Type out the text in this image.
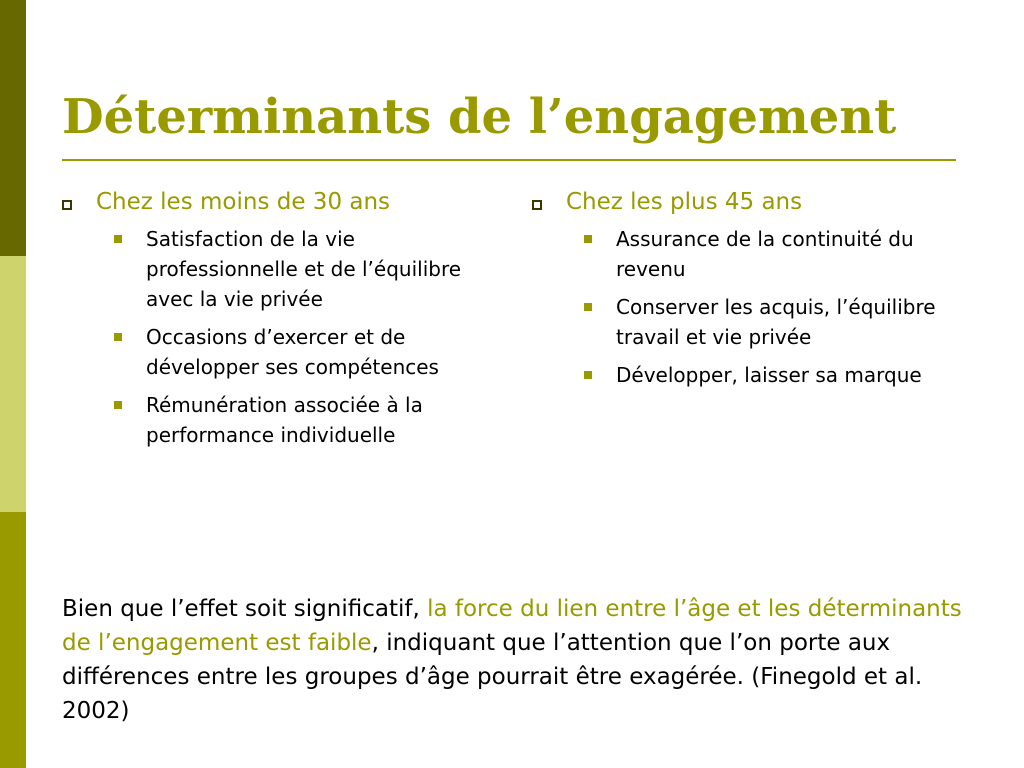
Déterminants de l’engagement
Chez les moins de 30 ans
Satisfaction de la vie professionnelle et de l’équilibre avec la vie privée
Occasions d’exercer et de développer ses compétences
Rémunération associée à la performance individuelle
Chez les plus 45 ans
Assurance de la continuité du revenu
Conserver les acquis, l’équilibre travail et vie privée
Développer, laisser sa marque

Bien que l’effet soit significatif, la force du lien entre l’âge et les déterminants de l’engagement est faible, indiquant que l’attention que l’on porte aux différences entre les groupes d’âge pourrait être exagérée. (Finegold et al. 2002)
